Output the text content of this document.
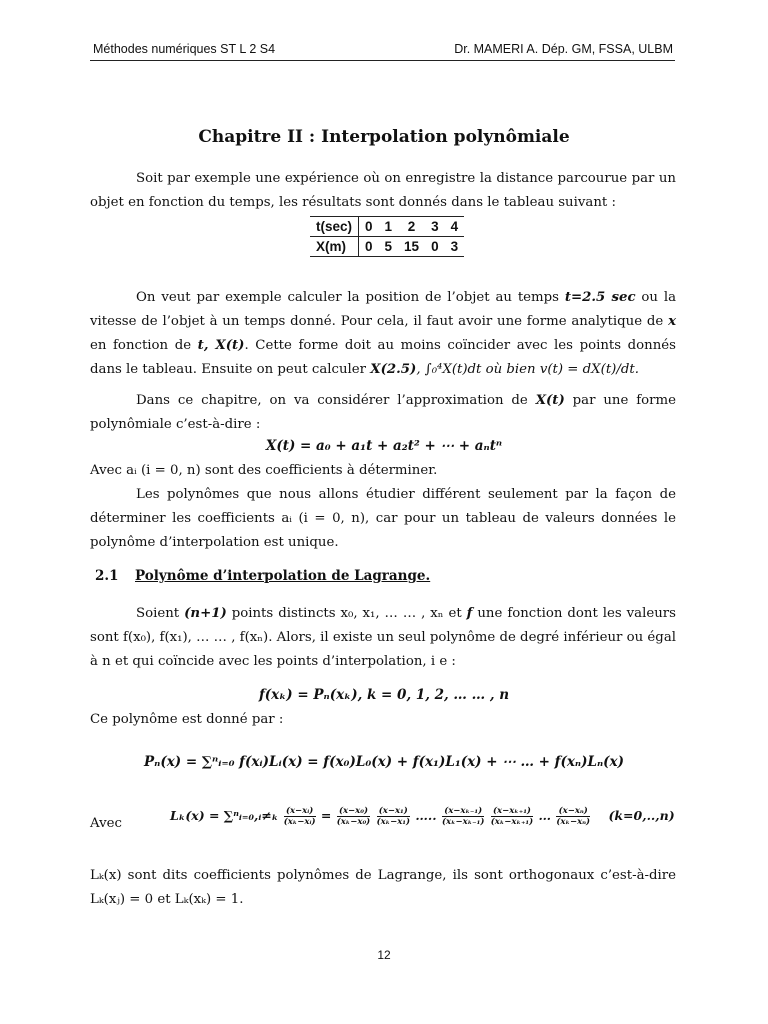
Méthodes numériques ST L 2 S4	Dr. MAMERI A. Dép. GM, FSSA, ULBM
Chapitre II : Interpolation polynômiale
Soit par exemple une expérience où on enregistre la distance parcourue par un objet en fonction du temps, les résultats sont donnés dans le tableau suivant :
t(sec)	0	1	2	3	4
X(m)	0	5	15	0	3
On veut par exemple calculer la position de l’objet au temps t=2.5 sec ou la vitesse de l’objet à un temps donné. Pour cela, il faut avoir une forme analytique de x en fonction de t, X(t). Cette forme doit au moins coïncider avec les points donnés dans le tableau. Ensuite on peut calculer X(2.5), ∫₀⁴X(t)dt où bien v(t) = dX(t)/dt.
Dans ce chapitre, on va considérer l’approximation de X(t) par une forme polynômiale c’est-à-dire :
X(t) = a₀ + a₁t + a₂t² + ⋯ + aₙtⁿ
Avec aᵢ (i = 0, n) sont des coefficients à déterminer.
Les polynômes que nous allons étudier différent seulement par la façon de déterminer les coefficients aᵢ (i = 0, n), car pour un tableau de valeurs données le polynôme d’interpolation est unique.
2.1 Polynôme d’interpolation de Lagrange.
Soient (n+1) points distincts x₀, x₁, … … , xₙ et f une fonction dont les valeurs sont f(x₀), f(x₁), … … , f(xₙ). Alors, il existe un seul polynôme de degré inférieur ou égal à n et qui coïncide avec les points d’interpolation, i e :
f(xₖ) = Pₙ(xₖ), k = 0, 1, 2, … … , n
Ce polynôme est donné par :
Pₙ(x) = ∑ⁿᵢ₌₀ f(xᵢ)Lᵢ(x) = f(x₀)L₀(x) + f(x₁)L₁(x) + ⋯ … + f(xₙ)Lₙ(x)
Avec
Lₖ(x) = ∑ⁿᵢ₌₀,ᵢ≠ₖ $\frac{\text{(x−xᵢ)}}{\text{(xₖ−xᵢ)}} = \frac{\text{(x−x₀)}}{\text{(xₖ−x₀)}}$
$\frac{\text{(x−x₁)}}{\text{(xₖ−x₁)}}$ ….. $\frac{\text{(x−xₖ₋₁)}}{\text{(xₖ−xₖ₋₁)}}$
$\frac{\text{(x−xₖ₊₁)}}{\text{(xₖ−xₖ₊₁)}}$ … $\frac{\text{(x−xₙ)}}{\text{(xₖ−xₙ)}} (k=0,..,n)$
Lₖ(x) sont dits coefficients polynômes de Lagrange, ils sont orthogonaux c’est-à-dire Lₖ(xⱼ) = 0 et Lₖ(xₖ) = 1.
12
